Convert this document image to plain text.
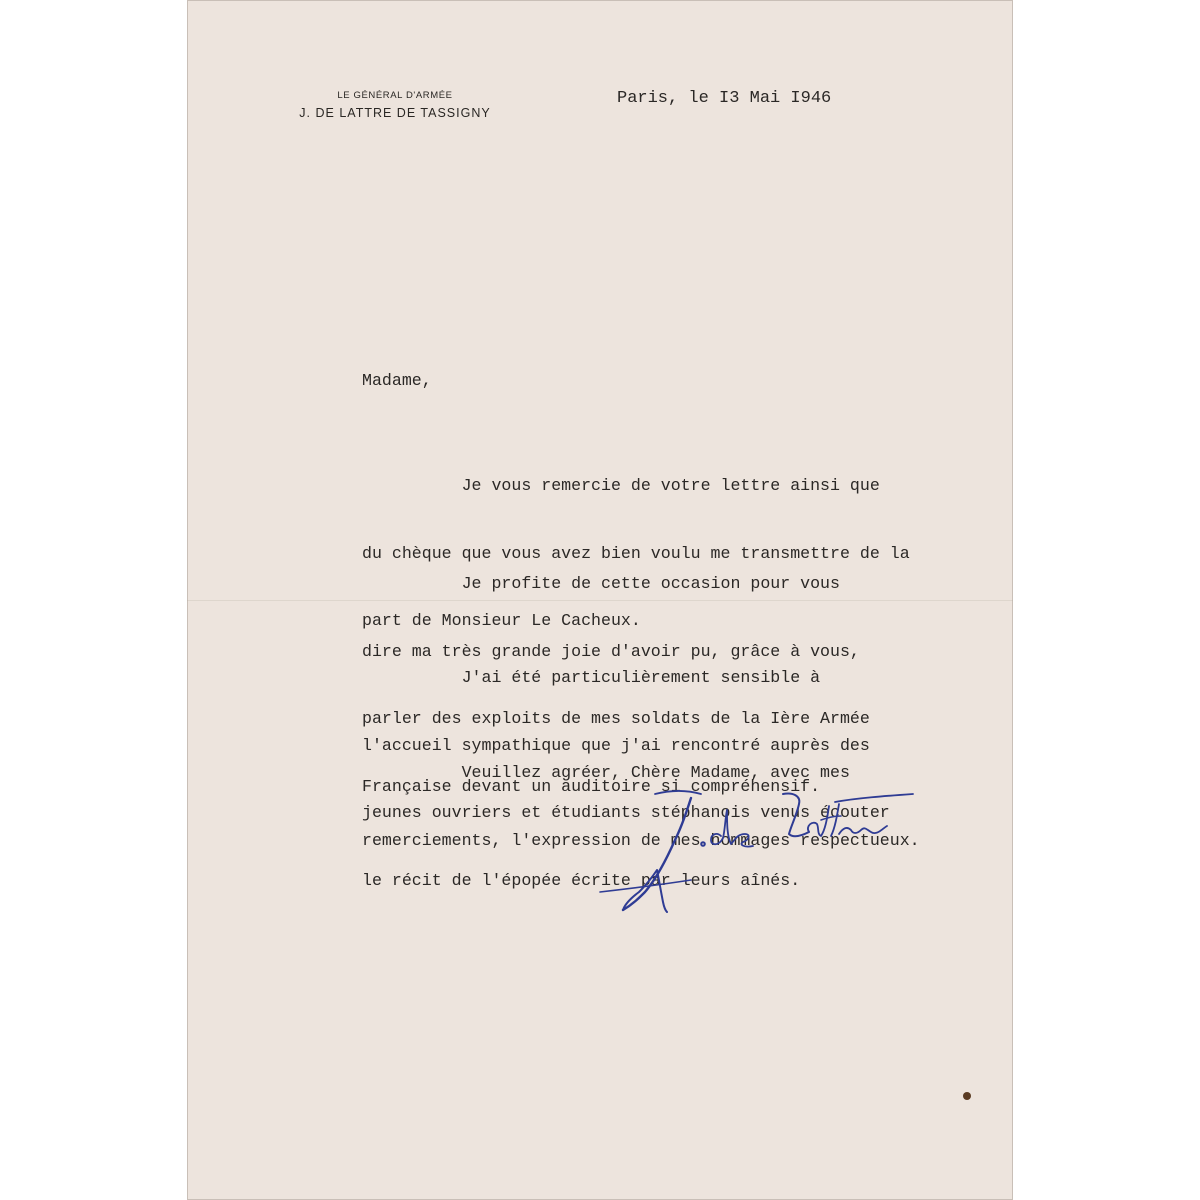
LE GÉNÉRAL D'ARMÉE
J. DE LATTRE DE TASSIGNY
Paris, le I3 Mai I946
Madame,

Je vous remercie de votre lettre ainsi que

du chèque que vous avez bien voulu me transmettre de la

part de Monsieur Le Cacheux.

Je profite de cette occasion pour vous

dire ma très grande joie d'avoir pu, grâce à vous,

parler des exploits de mes soldats de la Ière Armée

Française devant un auditoire si compréhensif.

J'ai été particulièrement sensible à

l'accueil sympathique que j'ai rencontré auprès des

jeunes ouvriers et étudiants stéphanois venus écouter

le récit de l'épopée écrite par leurs aînés.

Veuillez agréer, Chère Madame, avec mes

remerciements, l'expression de mes hommages respectueux.
